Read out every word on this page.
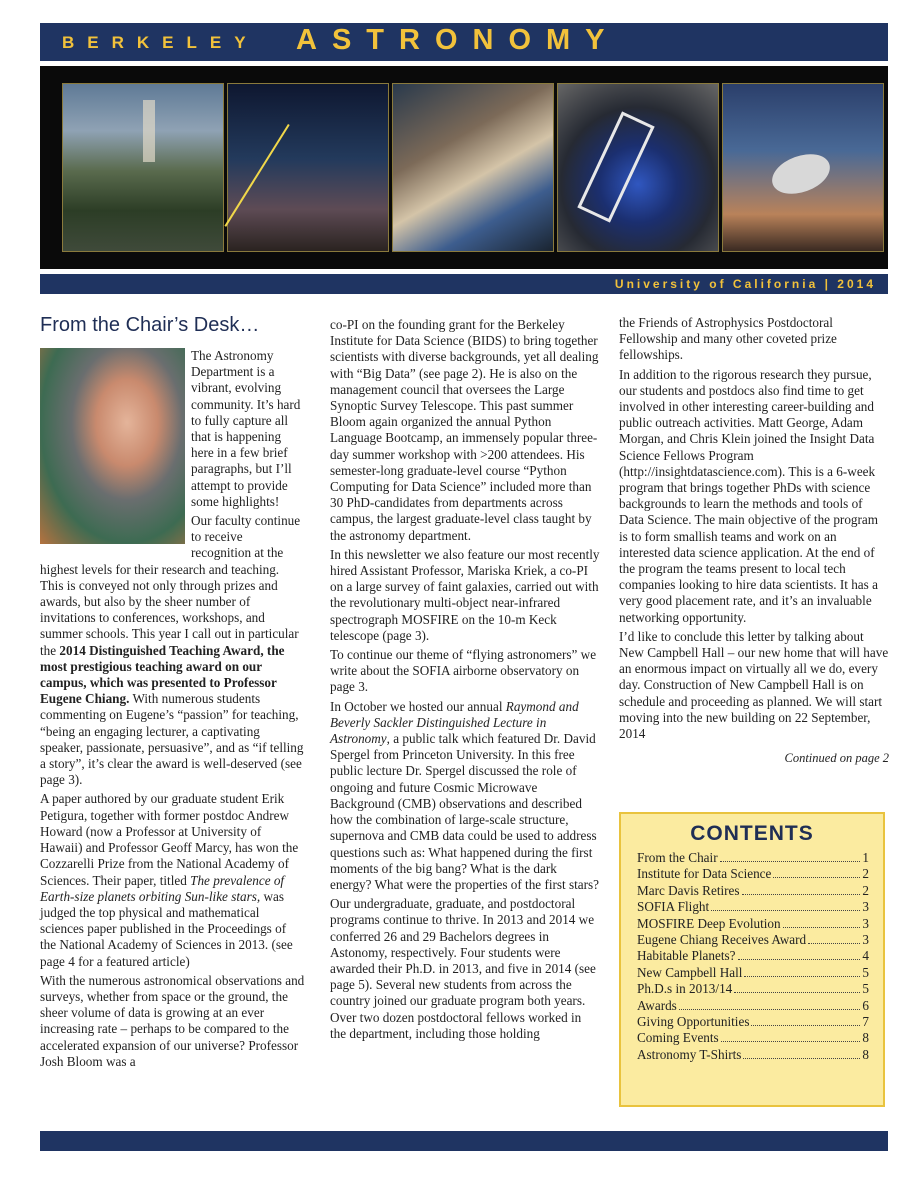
BERKELEY ASTRONOMY
University of California | 2014
From the Chair’s Desk…

The Astronomy Department is a vibrant, evolving community. It’s hard to fully capture all that is happening here in a few brief paragraphs, but I’ll attempt to provide some highlights!

Our faculty continue to receive recognition at the highest levels for their research and teaching. This is conveyed not only through prizes and awards, but also by the sheer number of invitations to conferences, workshops, and summer schools. This year I call out in particular the 2014 Distinguished Teaching Award, the most prestigious teaching award on our campus, which was presented to Professor Eugene Chiang. With numerous students commenting on Eugene’s “passion” for teaching, “being an engaging lecturer, a captivating speaker, passionate, persuasive”, and as “if telling a story”, it’s clear the award is well-deserved (see page 3).

A paper authored by our graduate student Erik Petigura, together with former postdoc Andrew Howard (now a Professor at University of Hawaii) and Professor Geoff Marcy, has won the Cozzarelli Prize from the National Academy of Sciences. Their paper, titled The prevalence of Earth-size planets orbiting Sun-like stars, was judged the top physical and mathematical sciences paper published in the Proceedings of the National Academy of Sciences in 2013. (see page 4 for a featured article)

With the numerous astronomical observations and surveys, whether from space or the ground, the sheer volume of data is growing at an ever increasing rate – perhaps to be compared to the accelerated expansion of our universe? Professor Josh Bloom was a

co-PI on the founding grant for the Berkeley Institute for Data Science (BIDS) to bring together scientists with diverse backgrounds, yet all dealing with “Big Data” (see page 2). He is also on the management council that oversees the Large Synoptic Survey Telescope. This past summer Bloom again organized the annual Python Language Bootcamp, an immensely popular three-day summer workshop with >200 attendees. His semester-long graduate-level course “Python Computing for Data Science” included more than 30 PhD-candidates from departments across campus, the largest graduate-level class taught by the astronomy department.

In this newsletter we also feature our most recently hired Assistant Professor, Mariska Kriek, a co-PI on a large survey of faint galaxies, carried out with the revolutionary multi-object near-infrared spectrograph MOSFIRE on the 10-m Keck telescope (page 3).

To continue our theme of “flying astronomers” we write about the SOFIA airborne observatory on page 3.

In October we hosted our annual Raymond and Beverly Sackler Distinguished Lecture in Astronomy, a public talk which featured Dr. David Spergel from Princeton University. In this free public lecture Dr. Spergel discussed the role of ongoing and future Cosmic Microwave Background (CMB) observations and described how the combination of large-scale structure, supernova and CMB data could be used to address questions such as: What happened during the first moments of the big bang? What is the dark energy? What were the properties of the first stars?

Our undergraduate, graduate, and postdoctoral programs continue to thrive. In 2013 and 2014 we conferred 26 and 29 Bachelors degrees in Astonomy, respectively. Four students were awarded their Ph.D. in 2013, and five in 2014 (see page 5). Several new students from across the country joined our graduate program both years. Over two dozen postdoctoral fellows worked in the department, including those holding

the Friends of Astrophysics Postdoctoral Fellowship and many other coveted prize fellowships.

In addition to the rigorous research they pursue, our students and postdocs also find time to get involved in other interesting career-building and public outreach activities. Matt George, Adam Morgan, and Chris Klein joined the Insight Data Science Fellows Program (http://insightdatascience.com). This is a 6-week program that brings together PhDs with science backgrounds to learn the methods and tools of Data Science. The main objective of the program is to form smallish teams and work on an interested data science application. At the end of the program the teams present to local tech companies looking to hire data scientists. It has a very good placement rate, and it’s an invaluable networking opportunity.

I’d like to conclude this letter by talking about New Campbell Hall – our new home that will have an enormous impact on virtually all we do, every day. Construction of New Campbell Hall is on schedule and proceeding as planned. We will start moving into the new building on 22 September, 2014

Continued on page 2

CONTENTS
From the Chair	1
Institute for Data Science	2
Marc Davis Retires	2
SOFIA Flight	3
MOSFIRE Deep Evolution	3
Eugene Chiang Receives Award	3
Habitable Planets?	4
New Campbell Hall	5
Ph.D.s in 2013/14	5
Awards	6
Giving Opportunities	7
Coming Events	8
Astronomy T-Shirts	8
